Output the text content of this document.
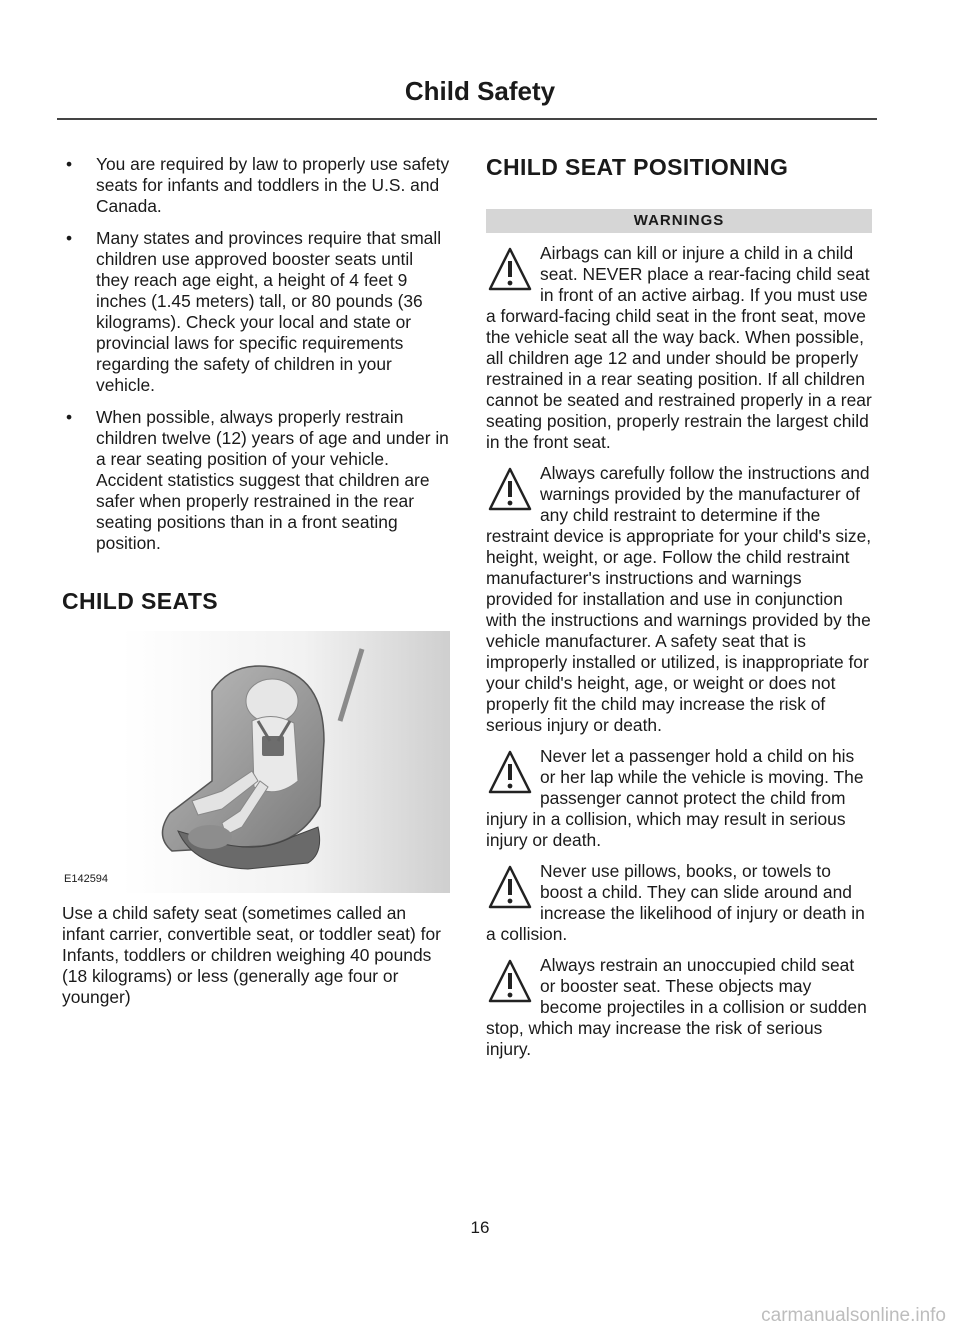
Child Safety
• You are required by law to properly use safety seats for infants and toddlers in the U.S. and Canada.
• Many states and provinces require that small children use approved booster seats until they reach age eight, a height of 4 feet 9 inches (1.45 meters) tall, or 80 pounds (36 kilograms). Check your local and state or provincial laws for specific requirements regarding the safety of children in your vehicle.
• When possible, always properly restrain children twelve (12) years of age and under in a rear seating position of your vehicle. Accident statistics suggest that children are safer when properly restrained in the rear seating positions than in a front seating position.
CHILD SEATS
E142594

Use a child safety seat (sometimes called an infant carrier, convertible seat, or toddler seat) for Infants, toddlers or children weighing 40 pounds (18 kilograms) or less (generally age four or younger)

CHILD SEAT POSITIONING
WARNINGS

Airbags can kill or injure a child in a child seat. NEVER place a rear-facing child seat in front of an active airbag. If you must use a forward-facing child seat in the front seat, move the vehicle seat all the way back. When possible, all children age 12 and under should be properly restrained in a rear seating position. If all children cannot be seated and restrained properly in a rear seating position, properly restrain the largest child in the front seat.

Always carefully follow the instructions and warnings provided by the manufacturer of any child restraint to determine if the restraint device is appropriate for your child's size, height, weight, or age. Follow the child restraint manufacturer's instructions and warnings provided for installation and use in conjunction with the instructions and warnings provided by the vehicle manufacturer. A safety seat that is improperly installed or utilized, is inappropriate for your child's height, age, or weight or does not properly fit the child may increase the risk of serious injury or death.

Never let a passenger hold a child on his or her lap while the vehicle is moving. The passenger cannot protect the child from injury in a collision, which may result in serious injury or death.

Never use pillows, books, or towels to boost a child. They can slide around and increase the likelihood of injury or death in a collision.

Always restrain an unoccupied child seat or booster seat. These objects may become projectiles in a collision or sudden stop, which may increase the risk of serious injury.

16
carmanualsonline.info
